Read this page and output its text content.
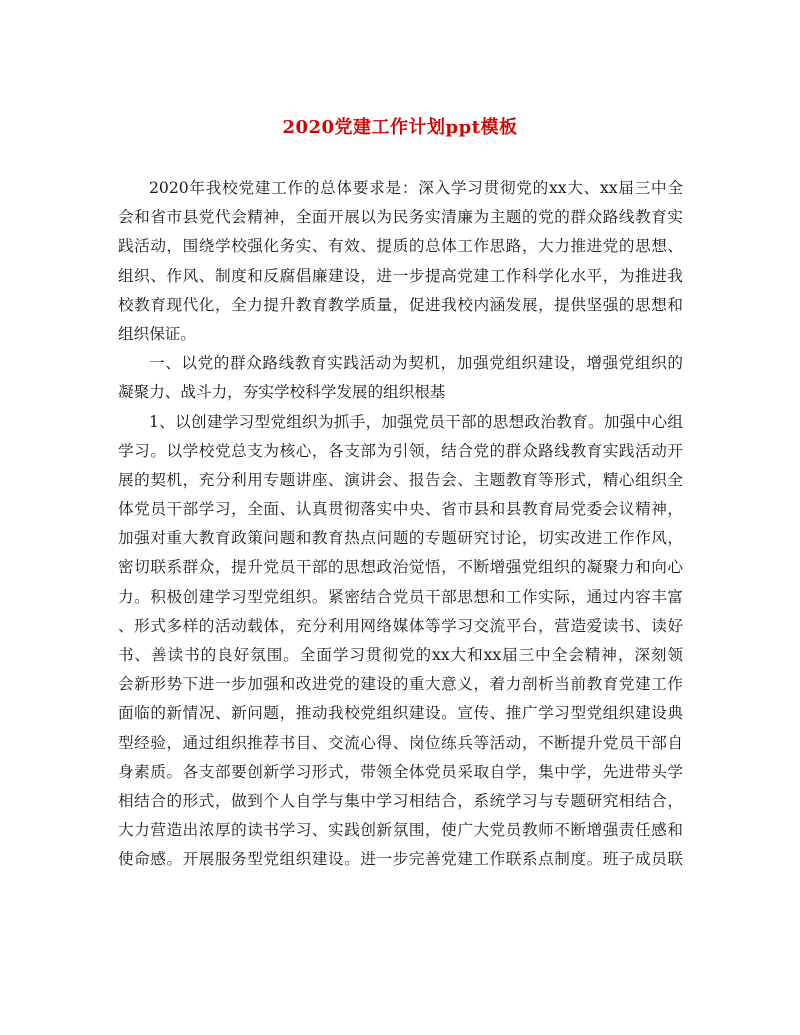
2020党建工作计划ppt模板
2020年我校党建工作的总体要求是：深入学习贯彻党的xx大、xx届三中全
会和省市县党代会精神，全面开展以为民务实清廉为主题的党的群众路线教育实
践活动，围绕学校强化务实、有效、提质的总体工作思路，大力推进党的思想、
组织、作风、制度和反腐倡廉建设，进一步提高党建工作科学化水平，为推进我
校教育现代化，全力提升教育教学质量，促进我校内涵发展，提供坚强的思想和
组织保证。
一、以党的群众路线教育实践活动为契机，加强党组织建设，增强党组织的
凝聚力、战斗力，夯实学校科学发展的组织根基
1、以创建学习型党组织为抓手，加强党员干部的思想政治教育。加强中心组
学习。以学校党总支为核心，各支部为引领，结合党的群众路线教育实践活动开
展的契机，充分利用专题讲座、演讲会、报告会、主题教育等形式，精心组织全
体党员干部学习，全面、认真贯彻落实中央、省市县和县教育局党委会议精神，
加强对重大教育政策问题和教育热点问题的专题研究讨论，切实改进工作作风，
密切联系群众，提升党员干部的思想政治觉悟，不断增强党组织的凝聚力和向心
力。积极创建学习型党组织。紧密结合党员干部思想和工作实际，通过内容丰富
、形式多样的活动载体，充分利用网络媒体等学习交流平台，营造爱读书、读好
书、善读书的良好氛围。全面学习贯彻党的xx大和xx届三中全会精神，深刻领
会新形势下进一步加强和改进党的建设的重大意义，着力剖析当前教育党建工作
面临的新情况、新问题，推动我校党组织建设。宣传、推广学习型党组织建设典
型经验，通过组织推荐书目、交流心得、岗位练兵等活动，不断提升党员干部自
身素质。各支部要创新学习形式，带领全体党员采取自学，集中学，先进带头学
相结合的形式，做到个人自学与集中学习相结合，系统学习与专题研究相结合，
大力营造出浓厚的读书学习、实践创新氛围，使广大党员教师不断增强责任感和
使命感。开展服务型党组织建设。进一步完善党建工作联系点制度。班子成员联
